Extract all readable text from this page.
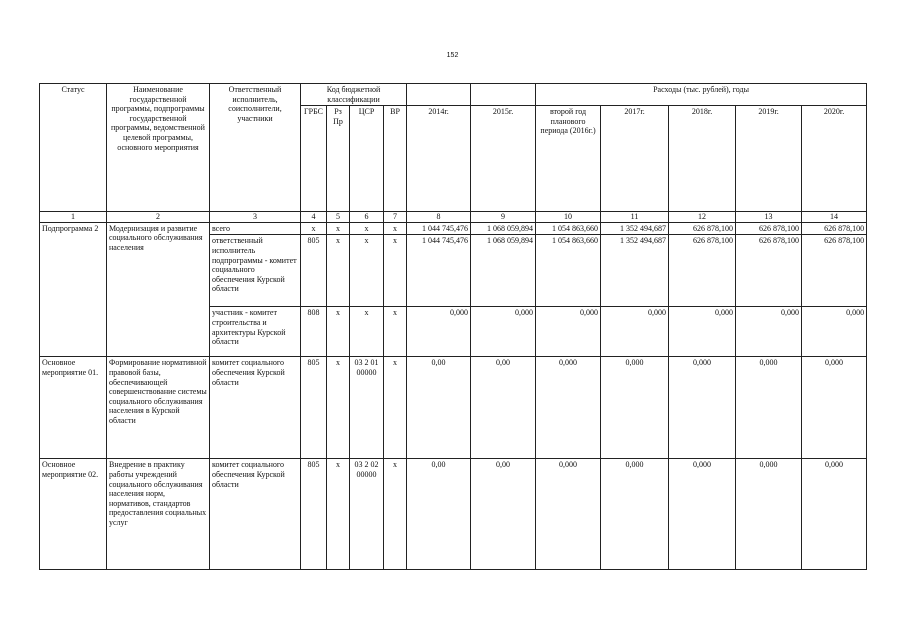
152
Статус	Наименование государственной программы, подпрограммы государственной программы, ведомственной целевой программы, основного мероприятия	Ответственный исполнитель, соисполнители, участники	Код бюджетной классификации						Расходы (тыс. рублей), годы				
			ГРБС	Рз Пр	ЦСР	ВР	2014г.	2015г.	второй год планового периода (2016г.)	2017г.	2018г.	2019г.	2020г.
1	2	3	4	5	6	7	8	9	10	11	12	13	14
Подпрограмма 2	Модернизация и развитие социального обслуживания населения	всего	х	х	х	х	1 044 745,476	1 068 059,894	1 054 863,660	1 352 494,687	626 878,100	626 878,100	626 878,100
		ответственный исполнитель подпрограммы - комитет социального обеспечения Курской области	805	х	х	х	1 044 745,476	1 068 059,894	1 054 863,660	1 352 494,687	626 878,100	626 878,100	626 878,100
		участник - комитет строительства и архитектуры Курской области	808	х	х	х	0,000	0,000	0,000	0,000	0,000	0,000	0,000
Основное мероприятие 01.	Формирование нормативной правовой базы, обеспечивающей совершенствование системы социального обслуживания населения в Курской области	комитет социального обеспечения Курской области	805	х	03 2 01 00000	х	0,00	0,00	0,000	0,000	0,000	0,000	0,000
Основное мероприятие 02.	Внедрение в практику работы учреждений социального обслуживания населения норм, нормативов, стандартов предоставления социальных услуг	комитет социального обеспечения Курской области	805	х	03 2 02 00000	х	0,00	0,00	0,000	0,000	0,000	0,000	0,000
